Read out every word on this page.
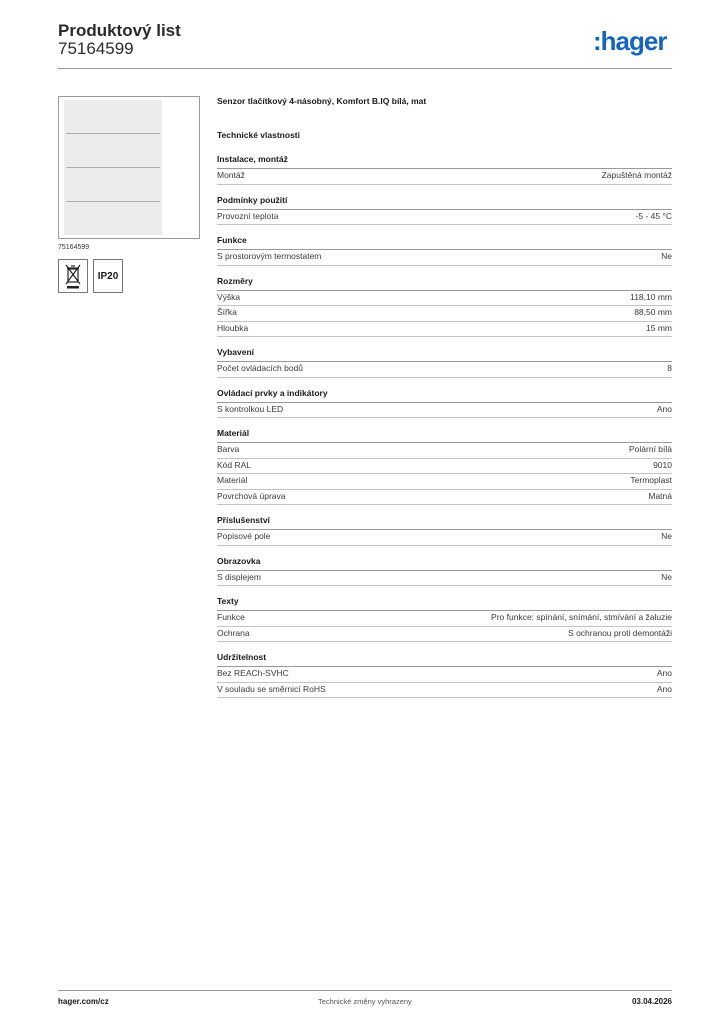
Produktový list
75164599	:hager
75164599
IP20
Senzor tlačítkový 4-násobný, Komfort B.IQ bílá, mat
Technické vlastnosti
Instalace, montáž
Montáž	Zapuštěná montáž
Podmínky použití
Provozní teplota	-5 - 45 °C
Funkce
S prostorovým termostatem	Ne
Rozměry
Výška	118,10 mm
Šířka	88,50 mm
Hloubka	15 mm
Vybavení
Počet ovládacích bodů	8
Ovládací prvky a indikátory
S kontrolkou LED	Ano
Materiál
Barva	Polární bílá
Kód RAL	9010
Materiál	Termoplast
Povrchová úprava	Matná
Příslušenství
Popisové pole	Ne
Obrazovka
S displejem	Ne
Texty
Funkce	Pro funkce: spínání, snímání, stmívání a žaluzie
Ochrana	S ochranou proti demontáži
Udržitelnost
Bez REACh-SVHC	Ano
V souladu se směrnicí RoHS	Ano
hager.com/cz	Technické změny vyhrazeny	03.04.2026
